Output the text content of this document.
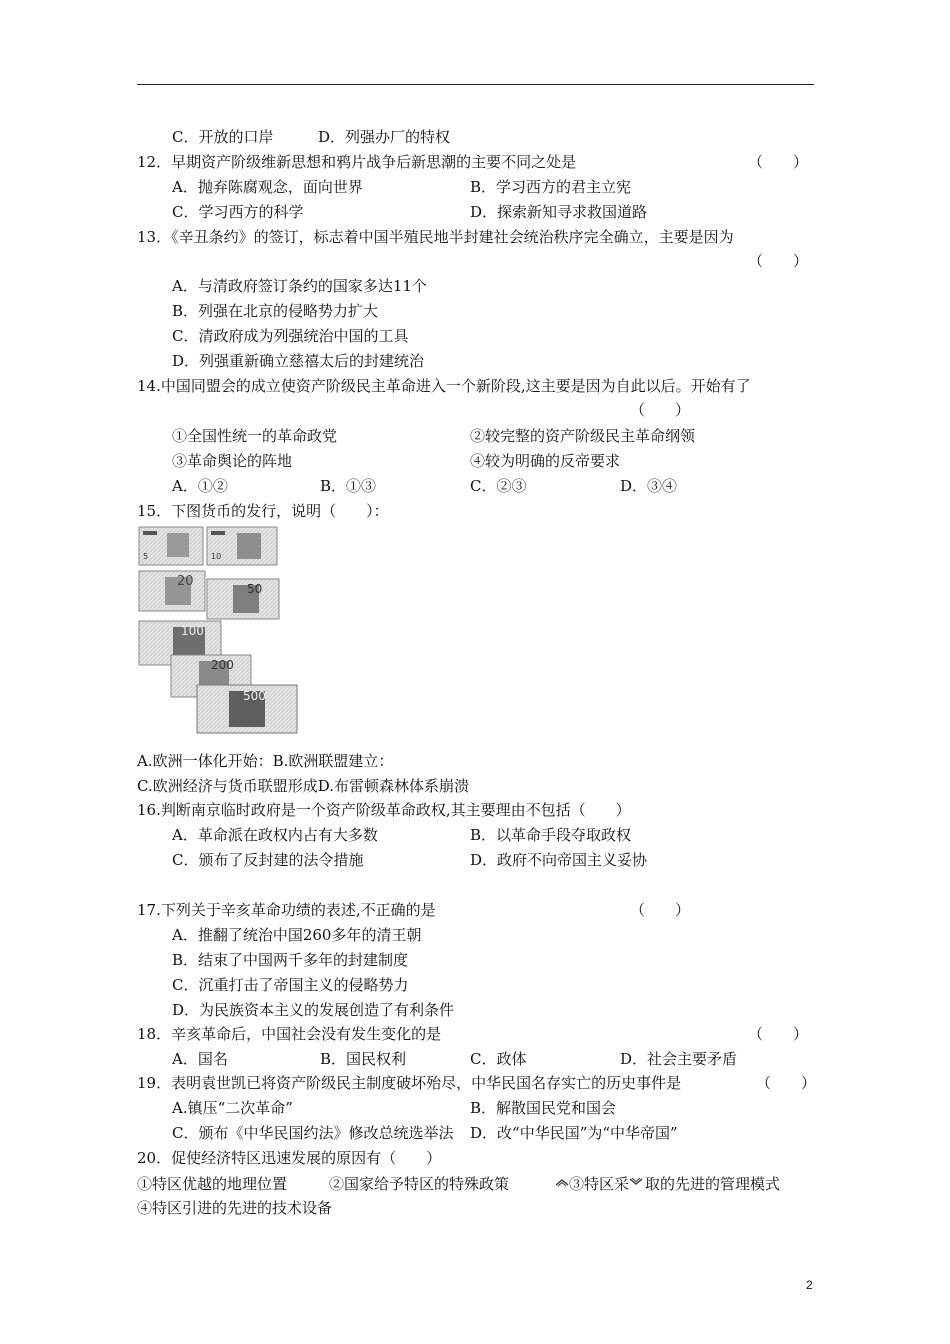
C．开放的口岸	D．列强办厂的特权
12．早期资产阶级维新思想和鸦片战争后新思潮的主要不同之处是	（　　）
A．抛弃陈腐观念，面向世界	B．学习西方的君主立宪
C．学习西方的科学	D．探索新知寻求救国道路
13．《辛丑条约》的签订，标志着中国半殖民地半封建社会统治秩序完全确立，主要是因为
（　　）
A．与清政府签订条约的国家多达11个
B．列强在北京的侵略势力扩大
C．清政府成为列强统治中国的工具
D．列强重新确立慈禧太后的封建统治
14.中国同盟会的成立使资产阶级民主革命进入一个新阶段,这主要是因为自此以后。开始有了
（　　）
①全国性统一的革命政党	②较完整的资产阶级民主革命纲领
③革命舆论的阵地	④较为明确的反帝要求
A．①②	B．①③	C．②③	D．③④
15．下图货币的发行，说明（　　）：
5	10
20	50
100
200
500
A.欧洲一体化开始：B.欧洲联盟建立：
C.欧洲经济与货币联盟形成D.布雷顿森林体系崩溃
16.判断南京临时政府是一个资产阶级革命政权,其主要理由不包括（　　）
A．革命派在政权内占有大多数	B．以革命手段夺取政权
C．颁布了反封建的法令措施	D．政府不向帝国主义妥协
17.下列关于辛亥革命功绩的表述,不正确的是	（　　）
A．推翻了统治中国260多年的清王朝
B．结束了中国两千多年的封建制度
C．沉重打击了帝国主义的侵略势力
D．为民族资本主义的发展创造了有利条件
18．辛亥革命后，中国社会没有发生变化的是	（　　）
A．国名	B．国民权利	C．政体	D．社会主要矛盾
19．表明袁世凯已将资产阶级民主制度破坏殆尽，中华民国名存实亡的历史事件是	（　　）
A.镇压“二次革命”	B．解散国民党和国会
C．颁布《中华民国约法》修改总统选举法 D．改“中华民国”为“中华帝国”
20．促使经济特区迅速发展的原因有（　　）
①特区优越的地理位置	②国家给予特区的特殊政策	③特区采 取的先进的管理模式
④特区引进的先进的技术设备
2
